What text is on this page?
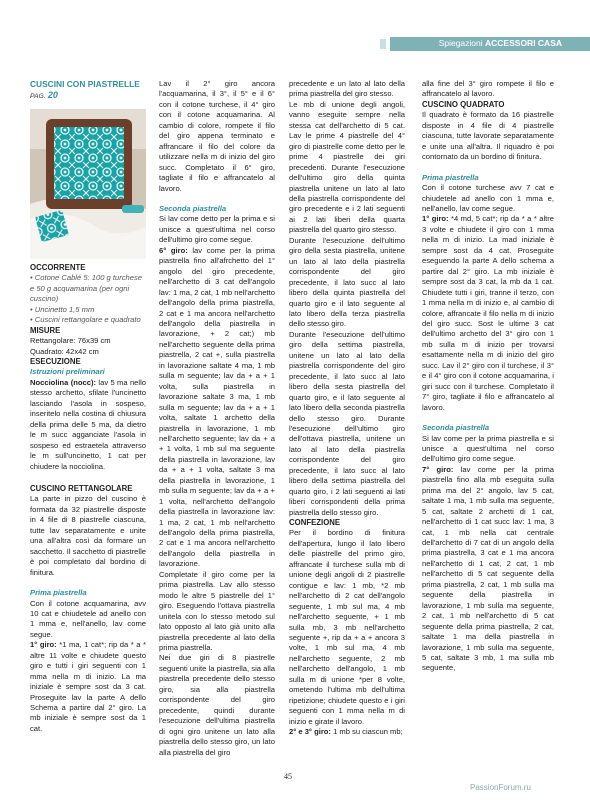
Spiegazioni ACCESSORI CASA

CUSCINI CON PIASTRELLE PAG. 20

OCCORRENTE

• Cotone Cablé 5: 100 g turchese e 50 g acquamarina (per ogni cuscino)

• Uncinetto 1,5 mm

• Cuscini rettangolare e quadrato

MISURE

Rettangolare: 76x39 cm

Quadrato: 42x42 cm

ESECUZIONE

Istruzioni preliminari

Nocciolina (nocc): lav 5 ma nello stesso archetto, sfilate l'uncinetto lasciando l'asola in sospeso, inseritelo nella costina di chiusura della prima delle 5 ma, da dietro le m succ agganciate l'asola in sospeso ed estraetela attraverso le m sull'uncinetto, 1 cat per chiudere la nocciolina.

CUSCINO RETTANGOLARE

La parte in pizzo del cuscino è formata da 32 piastrelle disposte in 4 file di 8 piastrelle ciascuna, tutte lav separatamente e unite una all'altra così da formare un sacchetto. Il sacchetto di piastrelle è poi completato dal bordino di finitura.

Prima piastrella

Con il cotone acquamarina, avv 10 cat e chiudetele ad anello con 1 mma e, nell'anello, lav come segue.

1° giro: *1 ma, 1 cat*; rip da * a * altre 11 volte e chiudete questo giro e tutti i giri seguenti con 1 mma nella m di inizio. La ma iniziale è sempre sost da 3 cat. Proseguite lav la parte A dello Schema a partire dal 2° giro. La mb iniziale è sempre sost da 1 cat.

Lav il 2° giro ancora l'acquamarina, il 3°, il 5° e il 6° con il cotone turchese, il 4° giro con il cotone acquamarina. Al cambio di colore, rompete il filo del giro appena terminato e affrancare il filo del colore da utilizzare nella m di inizio del giro succ. Completato il 6° giro, tagliate il filo e affrancatelo al lavoro.

Seconda piastrella

Si lav come detto per la prima e si unisce a quest'ultima nel corso dell'ultimo giro come segue.

6° giro: lav come per la prima piastrella fino all'afrchetto del 1° angolo del giro precedente, nell'archetto di 3 cat dell'angolo lav: 1 ma, 2 cat, 1 mb nell'archetto dell'angolo della prima piastrella, 2 cat e 1 ma ancora nell'archetto dell'angolo della piastrella in lavorazione, + 2 cat;) mb nell'archetto seguente della prima piastrella, 2 cat +, sulla piastrella in lavorazione saltate 4 ma, 1 mb sulla m seguente; lav da + a + 1 volta, sulla piastrella in lavorazione saltate 3 ma, 1 mb sulla m seguente; lav da + a + 1 volta, saltate 1 archetto della piastrella in lavorazione, 1 mb nell'archetto seguente; lav da + a + 1 volta, 1 mb sul ma seguente della piastrella in lavorazione, lav da + a + 1 volta, saltate 3 ma della piastrella in lavorazione, 1 mb sulla m seguente; lav da + a + 1 volta, nell'archetto dell'angolo della piastrella in lavorazione lav: 1 ma, 2 cat, 1 mb nell'archetto dell'angolo della prima piastrella, 2 cat e 1 ma ancora nell'archetto dell'angolo della piastrella in lavorazione.

Completate il giro come per la prima piastrella. Lav allo stesso modo le altre 5 piastrelle del 1° giro. Eseguendo l'ottava piastrella unitela con lo stesso metodo sul lato opposto al lato già unito alla piastrella precedente al lato della prima piastrella.

Nei due giri di 8 piastrelle seguenti unite la piastrella, sia alla piastrella precedente dello stesso giro, sia alla piastrella corrispondente del giro precedente, quindi durante l'esecuzione dell'ultima piastrella di ogni giro unitene un lato alla piastrella dello stesso giro, un lato alla piastrella del giro

precedente e un lato al lato della prima piastrella del giro stesso.

Le mb di unione degli angoli, vanno eseguite sempre nella stessa cat dell'archetto di 5 cat. Lav le prime 4 piastrelle del 4° giro di piastrelle come detto per le prime 4 piastrelle dei giri precedenti. Durante l'esecuzione dell'ultimo giro della quinta piastrella unitene un lato al lato della piastrella corrispondente del giro precedente e i 2 lati seguenti ai 2 lati liberi della quarta piastrella del quarto giro stesso.

Durante l'esecuzione dell'ultimo giro della sesta piastrella, unitene un lato al lato della piastrella corrispondente del giro precedente, il lato succ al lato libero della quinta piastrella del quarto giro e il lato seguente al lato libero della terza piastrella dello stesso giro.

Durante l'esecuzione dell'ultimo giro della settima piastrella, unitene un lato al lato della piastrella corrispondente del giro precedente, il lato succ al lato libero della sesta piastrella del quarto giro, e il lato seguente al lato libero della seconda piastrella dello stesso giro. Durante l'esecuzione dell'ultimo giro dell'ottava piastrella, unitene un lato al lato della piastrella corrispondente del giro precedente, il lato succ al lato libero della settima piastrella del quarto giro, i 2 lati seguenti ai lati liberi corrispondenti della prima piastrella dello stesso giro.

CONFEZIONE

Per il bordino di finitura dell'apertura, lungo il lato libero delle piastrelle del primo giro, affrancate il turchese sulla mb di unione degli angoli di 2 piastrelle contigue e lav: 1 mb, *2 mb nell'archetto di 2 cat dell'angolo seguente, 1 mb sul ma, 4 mb nell'archetto seguente, + 1 mb sulla mb, 3 mb nell'archetto seguente +, rip da + a + ancora 3 volte, 1 mb sul ma, 4 mb nell'archetto seguente, 2 mb nell'archetto dell'angolo, 1 mb sulla m di unione *per 8 volte, ometendo l'ultima mb dell'ultima ripetizione; chiudete questo e i giri seguenti con 1 mma nella m di inizio e girate il lavoro.

2° e 3° giro: 1 mb su ciascun mb;

alla fine del 3° giro rompete il filo e affrancatelo al lavoro.

CUSCINO QUADRATO

Il quadrato è formato da 16 piastrelle disposte in 4 file di 4 piastrelle ciascuna, tutte lavorate separatamente e unite una all'altra. Il riquadro è poi contornato da un bordino di finitura.

Prima piastrella

Con il cotone turchese avv 7 cat e chiudetele ad anello con 1 mma e, nell'anello, lav come segue.

1° giro: *4 md, 5 cat*; rip da * a * altre 3 volte e chiudete il giro con 1 mma nella m di inizio. La mad iniziale è sempre sost da 4 cat. Proseguite eseguendo la parte A dello schema a partire dal 2° giro. La mb iniziale è sempre sost da 3 cat, la mb da 1 cat. Chiudete tutti i giri, tranne il terzo, con 1 mma nella m di inizio e, al cambio di colore, affrancate il filo nella m di inizio del giro succ. Sost le ultime 3 cat dell'ultimo archetto del 3° giro con 1 mb sulla m di inizio per trovarsi esattamente nella m di inizio del giro succ. Lav il 2° giro con il turchese, il 3° e il 4° giro con il cotone acquamarina, i giri succ con il turchese. Completato il 7° giro, tagliate il filo e affrancatelo al lavoro.

Seconda piastrella

Si lav come per la prima piastrella e si unisce a quest'ultima nel corso dell'ultimo giro come segue.

7° giro: lav come per la prima piastrella fino alla mb eseguita sulla prima ma del 2° angolo, lav 5 cat, saltate 1 ma, 1 mb sulla ma seguente, 5 cat, saltate 2 archetti di 1 cat, nell'archetto di 1 cat succ lav: 1 ma, 3 cat, 1 mb nella cat centrale dell'archetto di 7 cat di un angolo della prima piastrella, 3 cat e 1 ma ancora nell'archetto di 1 cat, 2 cat, 1 mb nell'archetto di 5 cat seguente della prima piastrella, 2 cat, 1 mb sulla ma seguente della piastrella in lavorazione, 1 mb sulla ma seguente, 2 cat, 1 mb nell'archetto di 5 cat seguente della prima piastrella, 2 cat, saltate 1 ma della piastrella in lavorazione, 1 mb sulla ma seguente, 5 cat, saltate 3 mb, 1 ma sulla mb seguente,

45
PassionForum.ru
